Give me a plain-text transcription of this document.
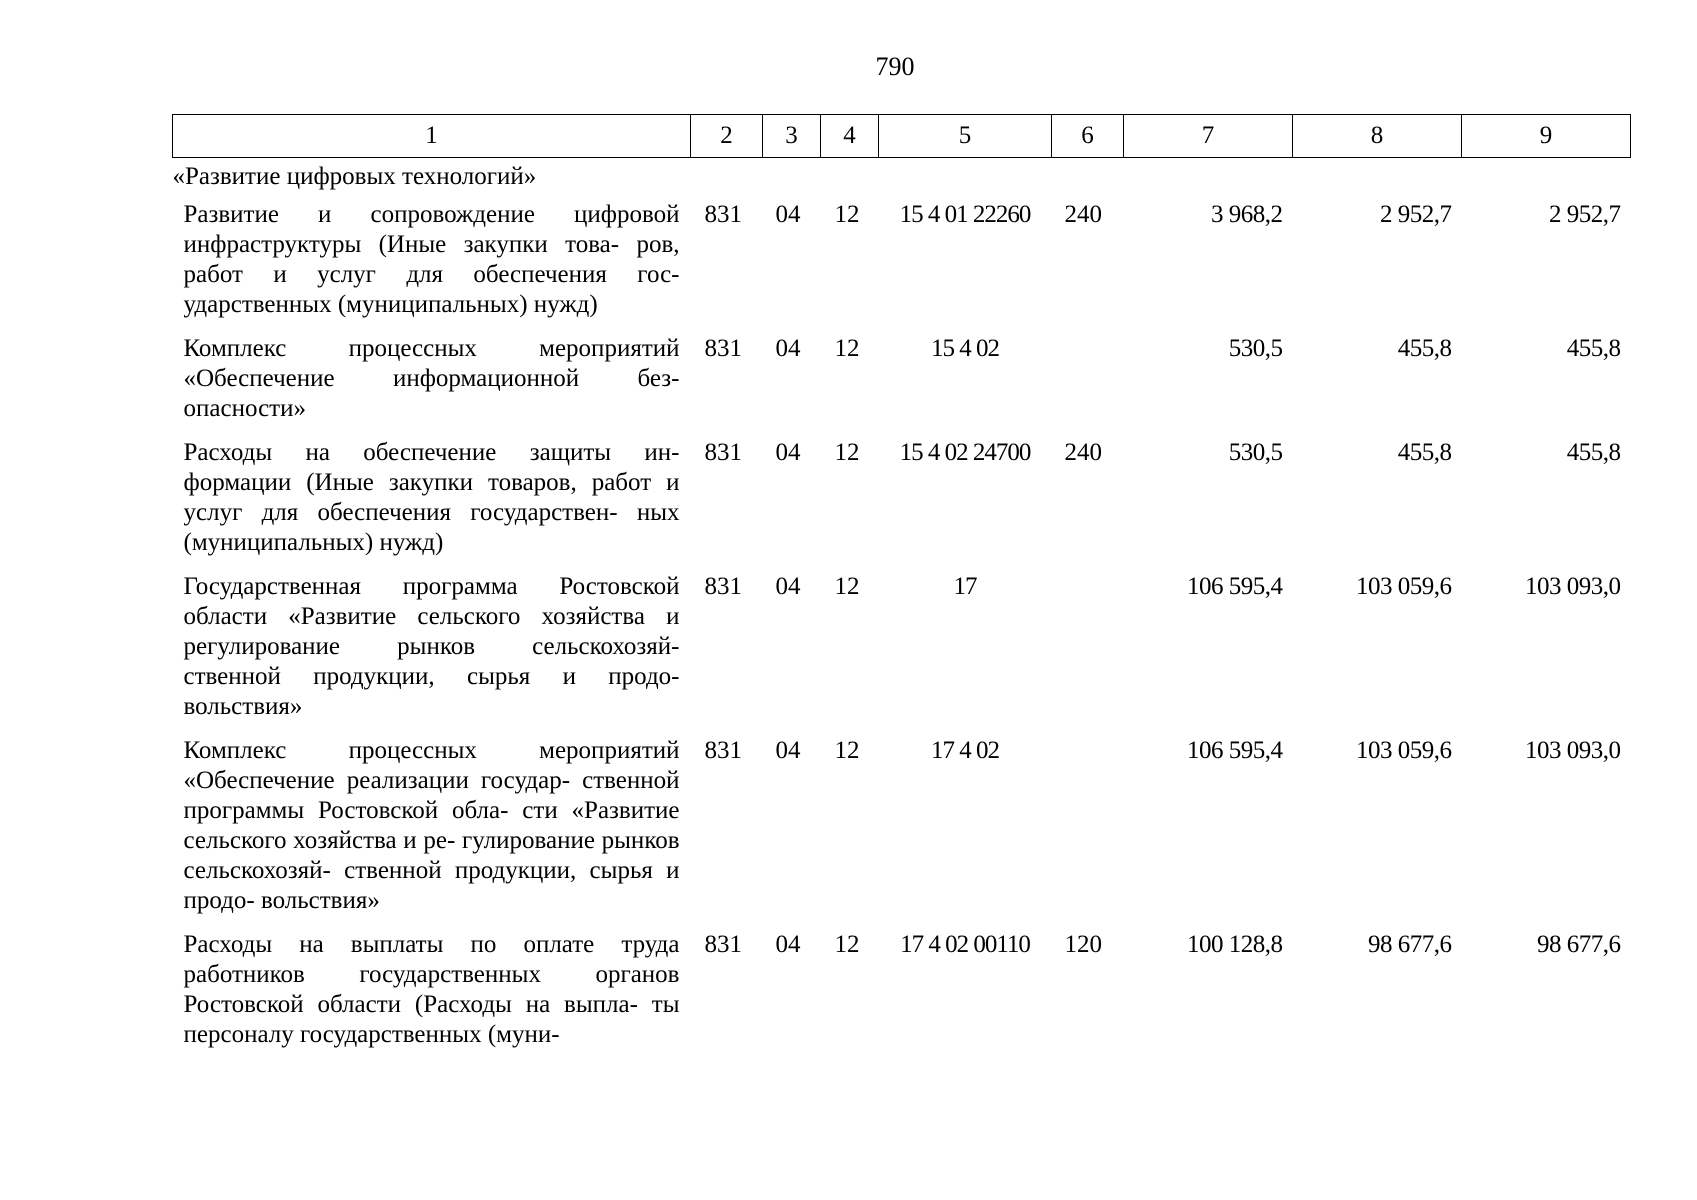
790
1	2	3	4	5	6	7	8	9
«Развитие цифровых технологий»								
Развитие и сопровождение цифровой инфраструктуры (Иные закупки това- ров, работ и услуг для обеспечения гос- ударственных (муниципальных) нужд)	831	04	12	15 4 01 22260	240	3 968,2	2 952,7	2 952,7
Комплекс процессных мероприятий «Обеспечение информационной без- опасности»	831	04	12	15 4 02		530,5	455,8	455,8
Расходы на обеспечение защиты ин- формации (Иные закупки товаров, работ и услуг для обеспечения государствен- ных (муниципальных) нужд)	831	04	12	15 4 02 24700	240	530,5	455,8	455,8
Государственная программа Ростовской области «Развитие сельского хозяйства и регулирование рынков сельскохозяй- ственной продукции, сырья и продо- вольствия»	831	04	12	17		106 595,4	103 059,6	103 093,0
Комплекс процессных мероприятий «Обеспечение реализации государ- ственной программы Ростовской обла- сти «Развитие сельского хозяйства и ре- гулирование рынков сельскохозяй- ственной продукции, сырья и продо- вольствия»	831	04	12	17 4 02		106 595,4	103 059,6	103 093,0
Расходы на выплаты по оплате труда работников государственных органов Ростовской области (Расходы на выпла- ты персоналу государственных (муни-	831	04	12	17 4 02 00110	120	100 128,8	98 677,6	98 677,6
